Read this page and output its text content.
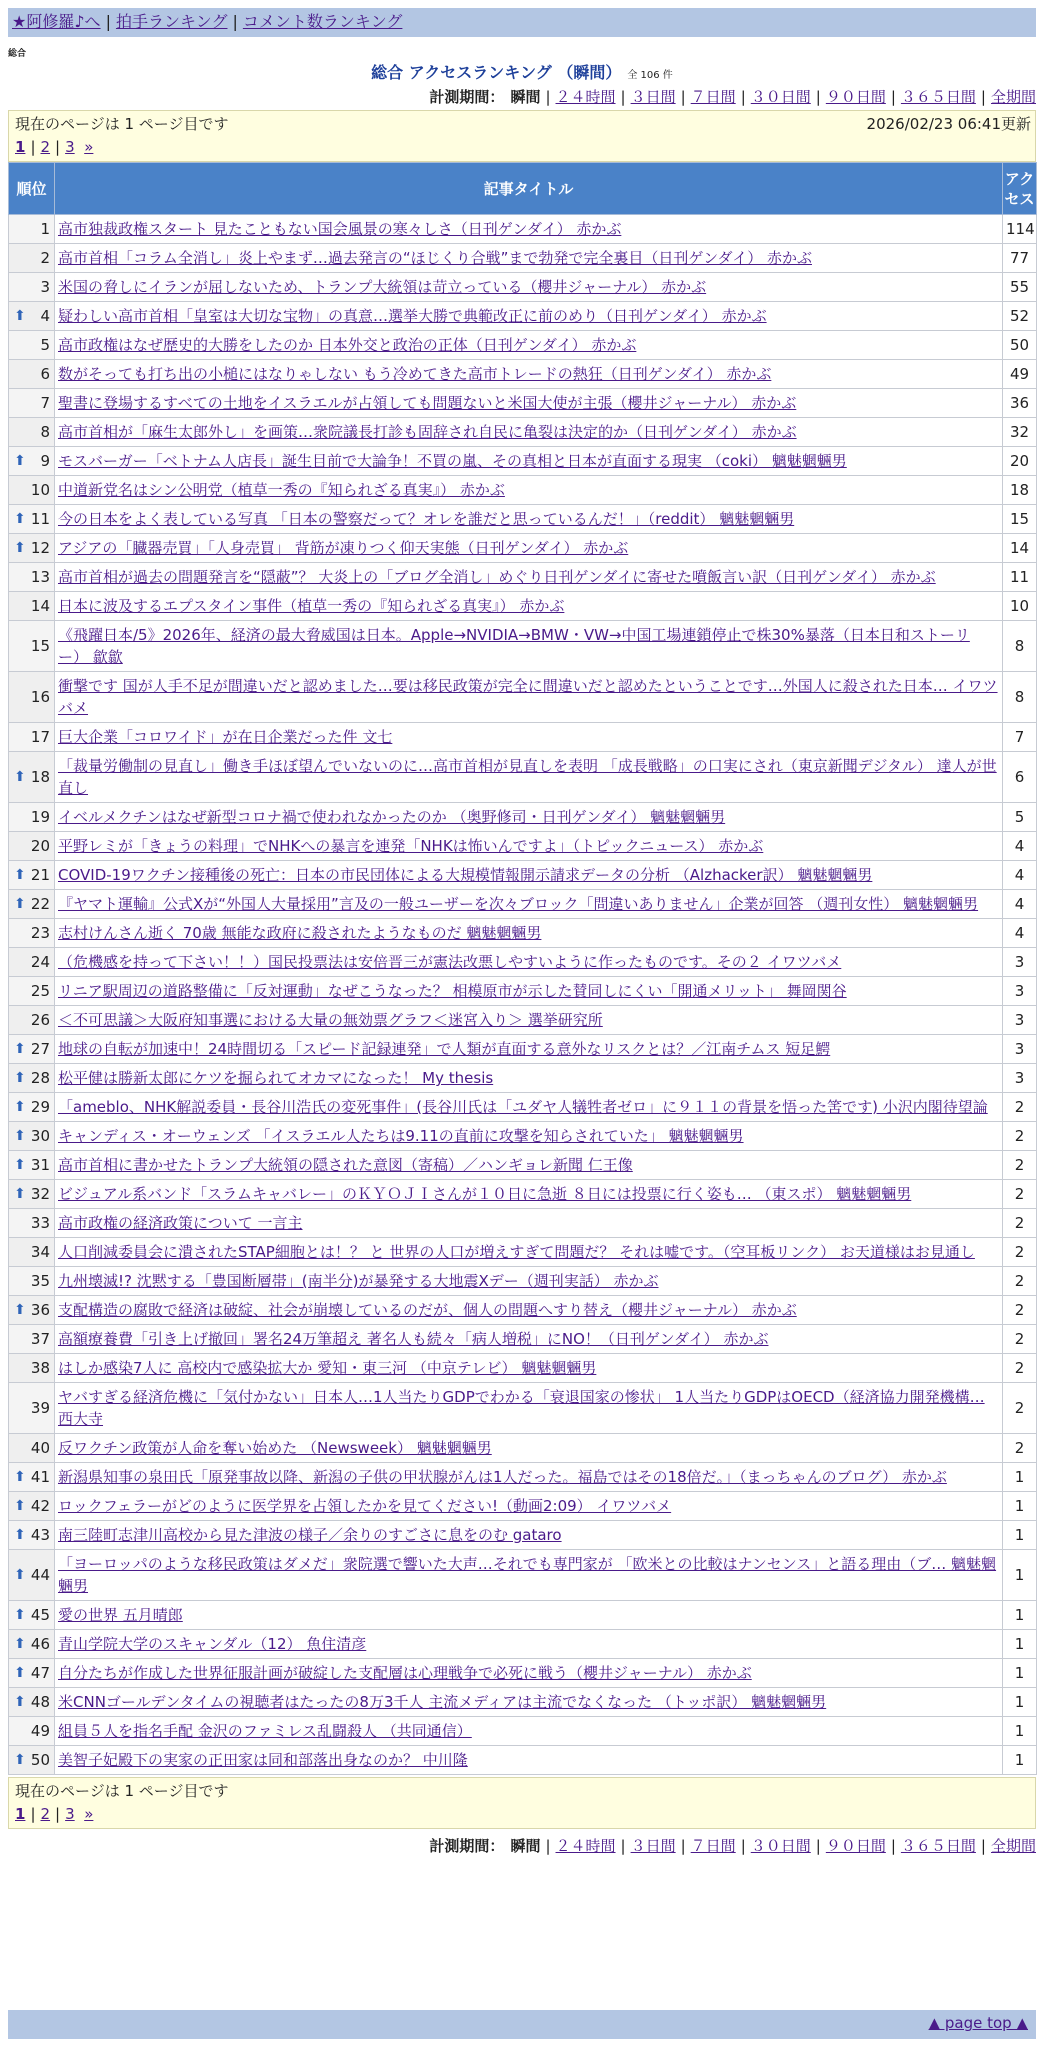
★阿修羅♪へ | 拍手ランキング | コメント数ランキング
総合
総合 アクセスランキング （瞬間） 全 106 件
計測期間： 瞬間 | ２４時間 | ３日間 | ７日間 | ３０日間 | ９０日間 | ３６５日間 | 全期間
現在のページは 1 ページ目です	2026/02/23 06:41更新
1 | 2 | 3 »
順位	記事タイトル	アクセス
1	高市独裁政権スタート 見たこともない国会風景の寒々しさ（日刊ゲンダイ） 赤かぶ	114
2	高市首相「コラム全消し」炎上やまず…過去発言の“ほじくり合戦”まで勃発で完全裏目（日刊ゲンダイ） 赤かぶ	77
3	米国の脅しにイランが屈しないため、トランプ大統領は苛立っている（櫻井ジャーナル） 赤かぶ	55

⬆ 4	疑わしい高市首相「皇室は大切な宝物」の真意…選挙大勝で典範改正に前のめり（日刊ゲンダイ） 赤かぶ	52
5	高市政権はなぜ歴史的大勝をしたのか 日本外交と政治の正体（日刊ゲンダイ） 赤かぶ	50
6	数がそっても打ち出の小槌にはなりゃしない もう冷めてきた高市トレードの熱狂（日刊ゲンダイ） 赤かぶ	49
7	聖書に登場するすべての土地をイスラエルが占領しても問題ないと米国大使が主張（櫻井ジャーナル） 赤かぶ	36
8	高市首相が「麻生太郎外し」を画策…衆院議長打診も固辞され自民に亀裂は決定的か（日刊ゲンダイ） 赤かぶ	32

⬆ 9	モスバーガー「ベトナム人店長」誕生目前で大論争！不買の嵐、その真相と日本が直面する現実 （coki） 魑魅魍魎男	20
10	中道新党名はシン公明党（植草一秀の『知られざる真実』） 赤かぶ	18

⬆ 11	今の日本をよく表している写真 「日本の警察だって？オレを誰だと思っているんだ！」（reddit） 魑魅魍魎男	15

⬆ 12	アジアの「臓器売買」「人身売買」 背筋が凍りつく仰天実態（日刊ゲンダイ） 赤かぶ	14
13	高市首相が過去の問題発言を“隠蔽”？ 大炎上の「ブログ全消し」めぐり日刊ゲンダイに寄せた噴飯言い訳（日刊ゲンダイ） 赤かぶ	11
14	日本に波及するエプスタイン事件（植草一秀の『知られざる真実』） 赤かぶ	10
15	《飛躍日本/5》2026年、経済の最大脅威国は日本。Apple→NVIDIA→BMW・VW→中国工場連鎖停止で株30%暴落（日本日和ストーリー） 歙歙	8
16	衝撃です 国が人手不足が間違いだと認めました…要は移民政策が完全に間違いだと認めたということです…外国人に殺された日本… イワツバメ	8
17	巨大企業「コロワイド」が在日企業だった件 文七	7

⬆ 18	「裁量労働制の見直し」働き手ほぼ望んでいないのに…高市首相が見直しを表明 「成長戦略」の口実にされ（東京新聞デジタル） 達人が世直し	6
19	イベルメクチンはなぜ新型コロナ禍で使われなかったのか （奥野修司・日刊ゲンダイ） 魑魅魍魎男	5
20	平野レミが「きょうの料理」でNHKへの暴言を連発「NHKは怖いんですよ」（トピックニュース） 赤かぶ	4

⬆ 21	COVID-19ワクチン接種後の死亡：日本の市民団体による大規模情報開示請求データの分析 （Alzhacker訳） 魑魅魍魎男	4

⬆ 22	『ヤマト運輸』公式Xが“外国人大量採用”言及の一般ユーザーを次々ブロック「問違いありません」企業が回答 （週刊女性） 魑魅魍魎男	4
23	志村けんさん逝く 70歳 無能な政府に殺されたようなものだ 魑魅魍魎男	4
24	（危機感を持って下さい！！）国民投票法は安倍晋三が憲法改悪しやすいように作ったものです。その２ イワツバメ	3
25	リニア駅周辺の道路整備に「反対運動」なぜこうなった？ 相模原市が示した賛同しにくい「開通メリット」 舞岡関谷	3
26	＜不可思議＞大阪府知事選における大量の無効票グラフ＜迷宮入り＞ 選挙研究所	3

⬆ 27	地球の自転が加速中！24時間切る「スピード記録連発」で人類が直面する意外なリスクとは？／江南チムス 短足鰐	3

⬆ 28	松平健は勝新太郎にケツを掘られてオカマになった！ My thesis	3

⬆ 29	「ameblo、NHK解説委員・長谷川浩氏の変死事件」(長谷川氏は「ユダヤ人犠牲者ゼロ」に９１１の背景を悟った筈です) 小沢内閣待望論	2

⬆ 30	キャンディス・オーウェンズ 「イスラエル人たちは9.11の直前に攻撃を知らされていた」 魑魅魍魎男	2

⬆ 31	高市首相に書かせたトランプ大統領の隠された意図（寄稿）／ハンギョレ新聞 仁王像	2

⬆ 32	ビジュアル系バンド「スラムキャバレー」のＫＹＯＪＩさんが１０日に急逝 ８日には投票に行く姿も… （東スポ） 魑魅魍魎男	2
33	高市政権の経済政策について 一言主	2
34	人口削減委員会に潰されたSTAP細胞とは！？ と 世界の人口が増えすぎて問題だ？ それは嘘です。（空耳板リンク） お天道様はお見通し	2
35	九州壊滅!? 沈黙する「豊国断層帯」(南半分)が暴発する大地震Xデー（週刊実話） 赤かぶ	2

⬆ 36	支配構造の腐敗で経済は破綻、社会が崩壊しているのだが、個人の問題へすり替え（櫻井ジャーナル） 赤かぶ	2
37	高額療養費「引き上げ撤回」署名24万筆超え 著名人も続々「病人増税」にNO！（日刊ゲンダイ） 赤かぶ	2
38	はしか感染7人に 高校内で感染拡大か 愛知・東三河 （中京テレビ） 魑魅魍魎男	2
39	ヤバすぎる経済危機に「気付かない」日本人…1人当たりGDPでわかる「衰退国家の惨状」 1人当たりGDPはOECD（経済協力開発機構… 西大寺	2
40	反ワクチン政策が人命を奪い始めた （Newsweek） 魑魅魍魎男	2

⬆ 41	新潟県知事の泉田氏「原発事故以降、新潟の子供の甲状腺がんは1人だった。福島ではその18倍だ。」（まっちゃんのブログ） 赤かぶ	1

⬆ 42	ロックフェラーがどのように医学界を占領したかを見てください!（動画2:09） イワツバメ	1

⬆ 43	南三陸町志津川高校から見た津波の様子／余りのすごさに息をのむ gataro	1

⬆ 44	「ヨーロッパのような移民政策はダメだ」衆院選で響いた大声…それでも専門家が 「欧米との比較はナンセンス」と語る理由（ブ… 魑魅魍魎男	1

⬆ 45	愛の世界 五月晴郎	1

⬆ 46	青山学院大学のスキャンダル（12） 魚住清彦	1

⬆ 47	自分たちが作成した世界征服計画が破綻した支配層は心理戦争で必死に戦う（櫻井ジャーナル） 赤かぶ	1

⬆ 48	米CNNゴールデンタイムの視聴者はたったの8万3千人 主流メディアは主流でなくなった （トッポ訳） 魑魅魍魎男	1
49	組員５人を指名手配 金沢のファミレス乱闘殺人 （共同通信）	1

⬆ 50	美智子妃殿下の実家の正田家は同和部落出身なのか？ 中川隆	1
現在のページは 1 ページ目です
1 | 2 | 3 »
計測期間： 瞬間 | ２４時間 | ３日間 | ７日間 | ３０日間 | ９０日間 | ３６５日間 | 全期間
▲ page top ▲
